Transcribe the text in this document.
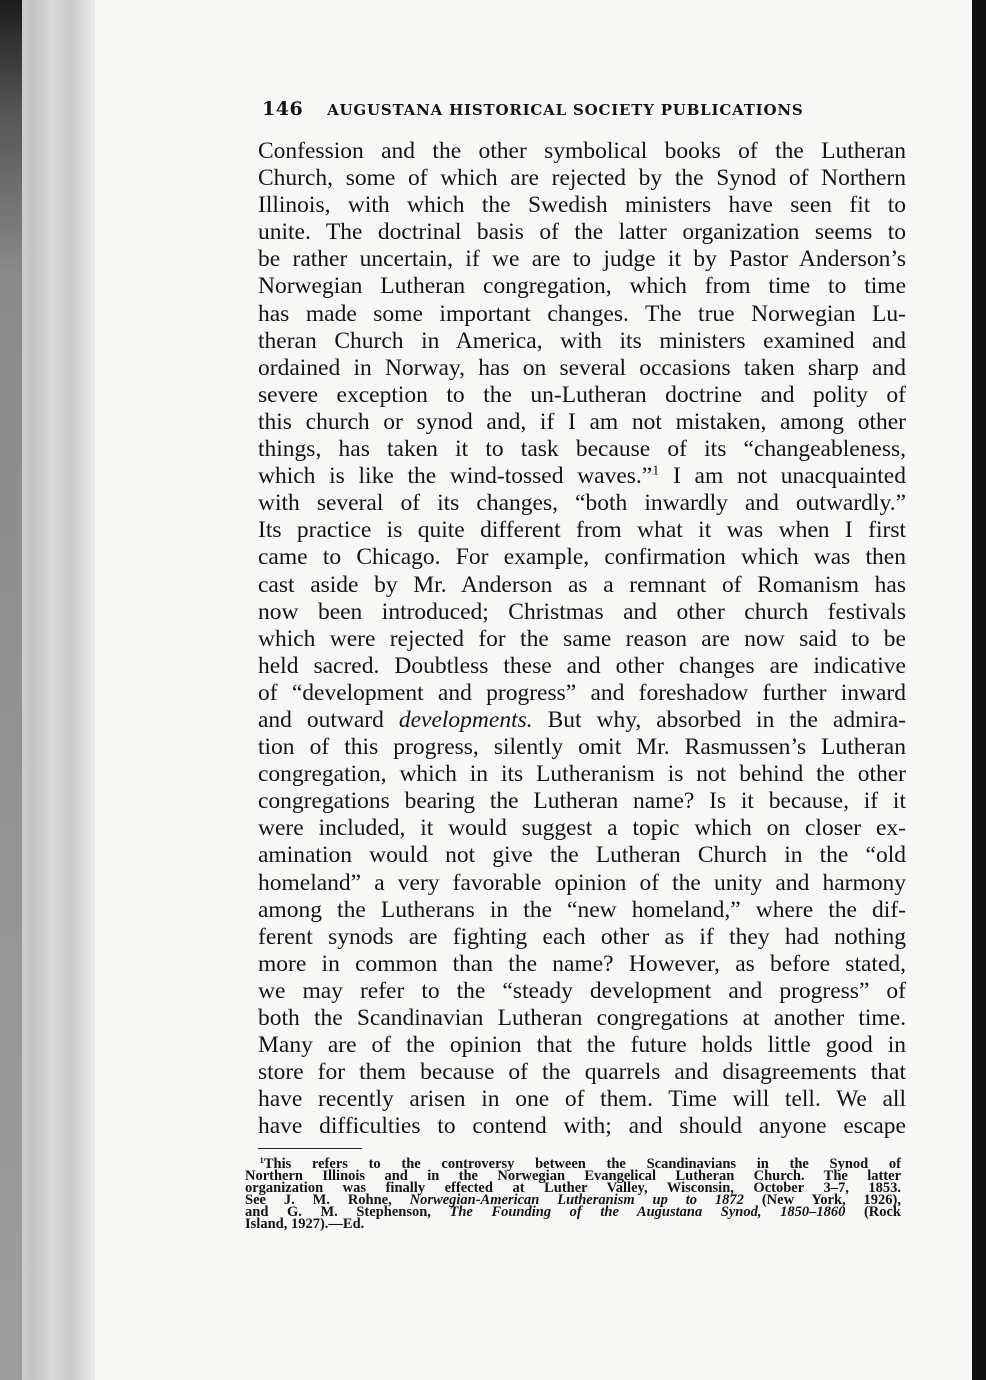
146 AUGUSTANA HISTORICAL SOCIETY PUBLICATIONS
Confession and the other symbolical books of the Lutheran
Church, some of which are rejected by the Synod of Northern
Illinois, with which the Swedish ministers have seen fit to
unite. The doctrinal basis of the latter organization seems to
be rather uncertain, if we are to judge it by Pastor Anderson’s
Norwegian Lutheran congregation, which from time to time
has made some important changes. The true Norwegian Lu-
theran Church in America, with its ministers examined and
ordained in Norway, has on several occasions taken sharp and
severe exception to the un-Lutheran doctrine and polity of
this church or synod and, if I am not mistaken, among other
things, has taken it to task because of its “changeableness,
which is like the wind-tossed waves.”$^1$ I am not unacquainted
with several of its changes, “both inwardly and outwardly.”
Its practice is quite different from what it was when I first
came to Chicago. For example, confirmation which was then
cast aside by Mr. Anderson as a remnant of Romanism has
now been introduced; Christmas and other church festivals
which were rejected for the same reason are now said to be
held sacred. Doubtless these and other changes are indicative
of “development and progress” and foreshadow further inward
and outward developments. But why, absorbed in the admira-
tion of this progress, silently omit Mr. Rasmussen’s Lutheran
congregation, which in its Lutheranism is not behind the other
congregations bearing the Lutheran name? Is it because, if it
were included, it would suggest a topic which on closer ex-
amination would not give the Lutheran Church in the “old
homeland” a very favorable opinion of the unity and harmony
among the Lutherans in the “new homeland,” where the dif-
ferent synods are fighting each other as if they had nothing
more in common than the name? However, as before stated,
we may refer to the “steady development and progress” of
both the Scandinavian Lutheran congregations at another time.
Many are of the opinion that the future holds little good in
store for them because of the quarrels and disagreements that
have recently arisen in one of them. Time will tell. We all
have difficulties to contend with; and should anyone escape
 $^1$This refers to the controversy between the Scandinavians in the Synod of
Northern Illinois and in the Norwegian Evangelical Lutheran Church. The latter
organization was finally effected at Luther Valley, Wisconsin, October 3–7, 1853.
See J. M. Rohne, Norwegian-American Lutheranism up to 1872 (New York, 1926),
and G. M. Stephenson, The Founding of the Augustana Synod, 1850–1860 (Rock
Island, 1927).—Ed.
